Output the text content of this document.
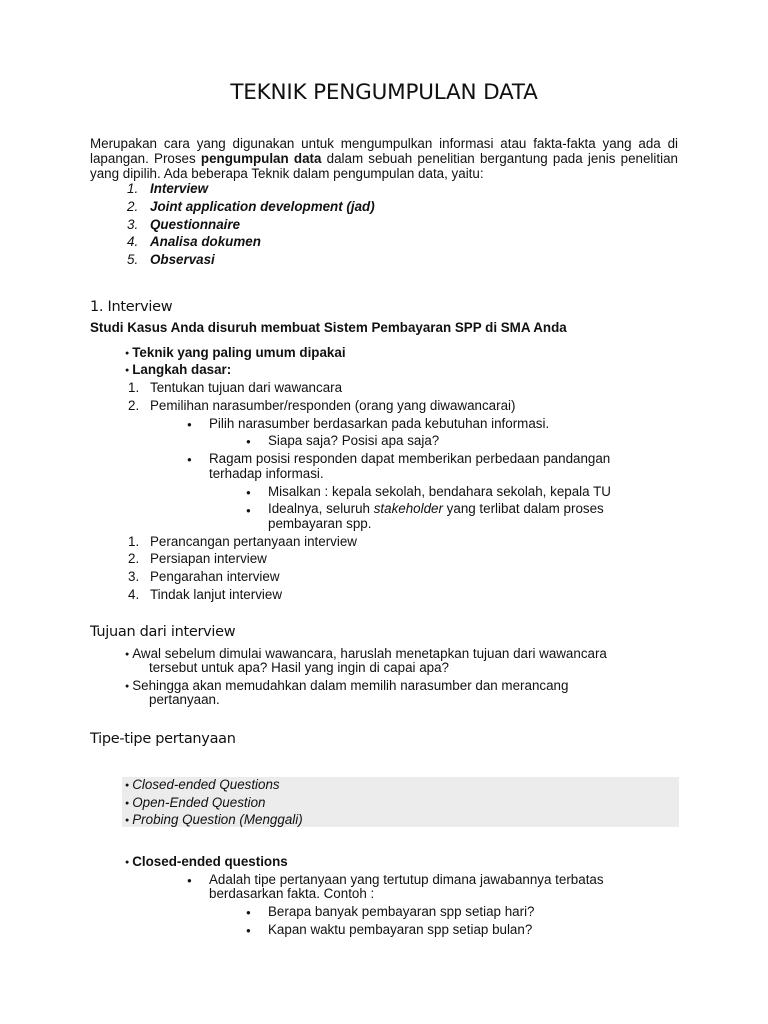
TEKNIK PENGUMPULAN DATA
Merupakan cara yang digunakan untuk mengumpulkan informasi atau fakta-fakta yang ada di lapangan. Proses pengumpulan data dalam sebuah penelitian bergantung pada jenis penelitian yang dipilih. Ada beberapa Teknik dalam pengumpulan data, yaitu:
1. Interview
2. Joint application development (jad)
3. Questionnaire
4. Analisa dokumen
5. Observasi
1. Interview
Studi Kasus Anda disuruh membuat Sistem Pembayaran SPP di SMA Anda
● Teknik yang paling umum dipakai
● Langkah dasar:
1. Tentukan tujuan dari wawancara
2. Pemilihan narasumber/responden (orang yang diwawancarai)
● Pilih narasumber berdasarkan pada kebutuhan informasi.
● Siapa saja? Posisi apa saja?
● Ragam posisi responden dapat memberikan perbedaan pandangan
terhadap informasi.
● Misalkan : kepala sekolah, bendahara sekolah, kepala TU
● Idealnya, seluruh stakeholder yang terlibat dalam proses
pembayaran spp.
1. Perancangan pertanyaan interview
2. Persiapan interview
3. Pengarahan interview
4. Tindak lanjut interview
Tujuan dari interview
● Awal sebelum dimulai wawancara, haruslah menetapkan tujuan dari wawancara
tersebut untuk apa? Hasil yang ingin di capai apa?
● Sehingga akan memudahkan dalam memilih narasumber dan merancang
pertanyaan.
Tipe-tipe pertanyaan
● Closed-ended Questions
● Open-Ended Question
● Probing Question (Menggali)
● Closed-ended questions
● Adalah tipe pertanyaan yang tertutup dimana jawabannya terbatas
berdasarkan fakta. Contoh :
● Berapa banyak pembayaran spp setiap hari?
● Kapan waktu pembayaran spp setiap bulan?
